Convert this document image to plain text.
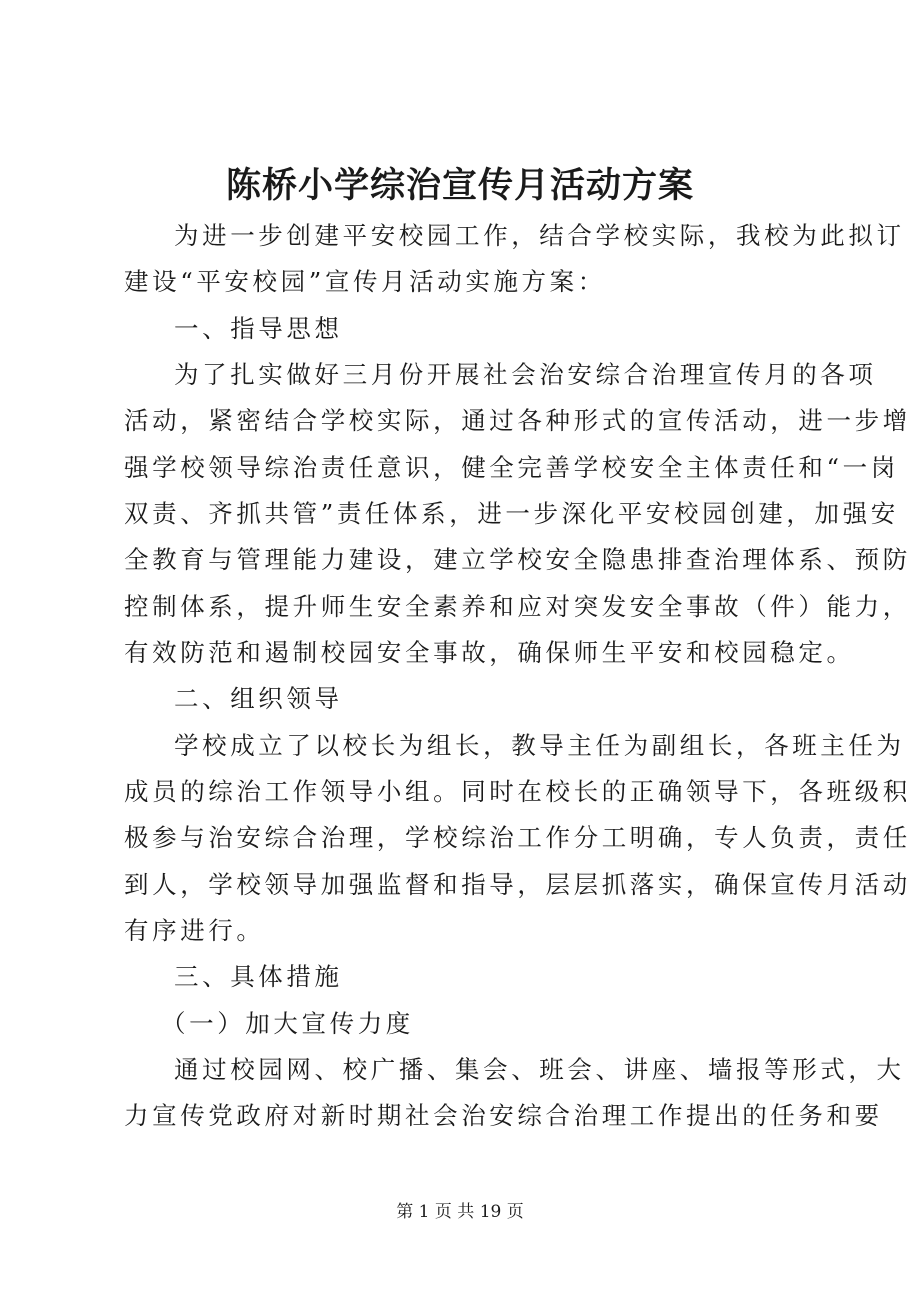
陈桥小学综治宣传月活动方案
为进一步创建平安校园工作，结合学校实际，我校为此拟订
建设“平安校园”宣传月活动实施方案：
一、指导思想
为了扎实做好三月份开展社会治安综合治理宣传月的各项
活动，紧密结合学校实际，通过各种形式的宣传活动，进一步增
强学校领导综治责任意识，健全完善学校安全主体责任和“一岗
双责、齐抓共管”责任体系，进一步深化平安校园创建，加强安
全教育与管理能力建设，建立学校安全隐患排查治理体系、预防
控制体系，提升师生安全素养和应对突发安全事故（件）能力，
有效防范和遏制校园安全事故，确保师生平安和校园稳定。
二、组织领导
学校成立了以校长为组长，教导主任为副组长，各班主任为
成员的综治工作领导小组。同时在校长的正确领导下，各班级积
极参与治安综合治理，学校综治工作分工明确，专人负责，责任
到人，学校领导加强监督和指导，层层抓落实，确保宣传月活动
有序进行。
三、具体措施
（一）加大宣传力度
通过校园网、校广播、集会、班会、讲座、墙报等形式，大
力宣传党政府对新时期社会治安综合治理工作提出的任务和要
第 1 页 共 19 页
